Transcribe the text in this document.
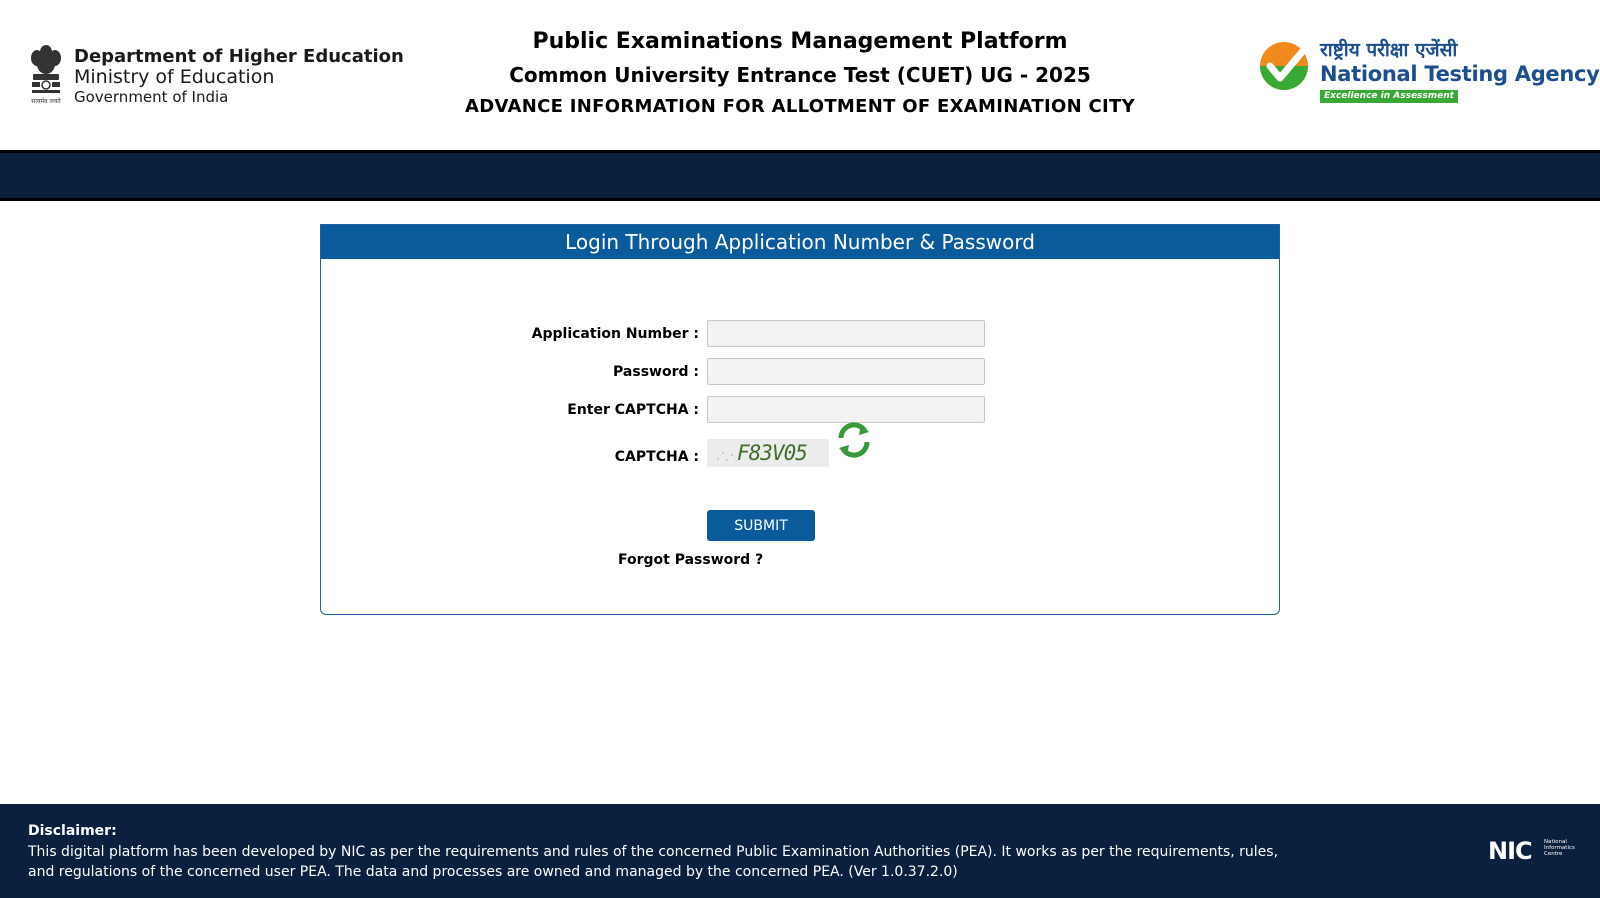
सत्यमेव जयते
Department of Higher Education
Ministry of Education
Government of India
Public Examinations Management Platform
Common University Entrance Test (CUET) UG - 2025
ADVANCE INFORMATION FOR ALLOTMENT OF EXAMINATION CITY
राष्ट्रीय परीक्षा एजेंसी
National Testing Agency
Excellence in Assessment
Login Through Application Number & Password
Application Number :
Password :
Enter CAPTCHA :
CAPTCHA : F83V05
SUBMIT
Forgot Password ?
Disclaimer:
This digital platform has been developed by NIC as per the requirements and rules of the concerned Public Examination Authorities (PEA). It works as per the requirements, rules, and regulations of the concerned user PEA. The data and processes are owned and managed by the concerned PEA. (Ver 1.0.37.2.0)
NIC National Informatics Centre
